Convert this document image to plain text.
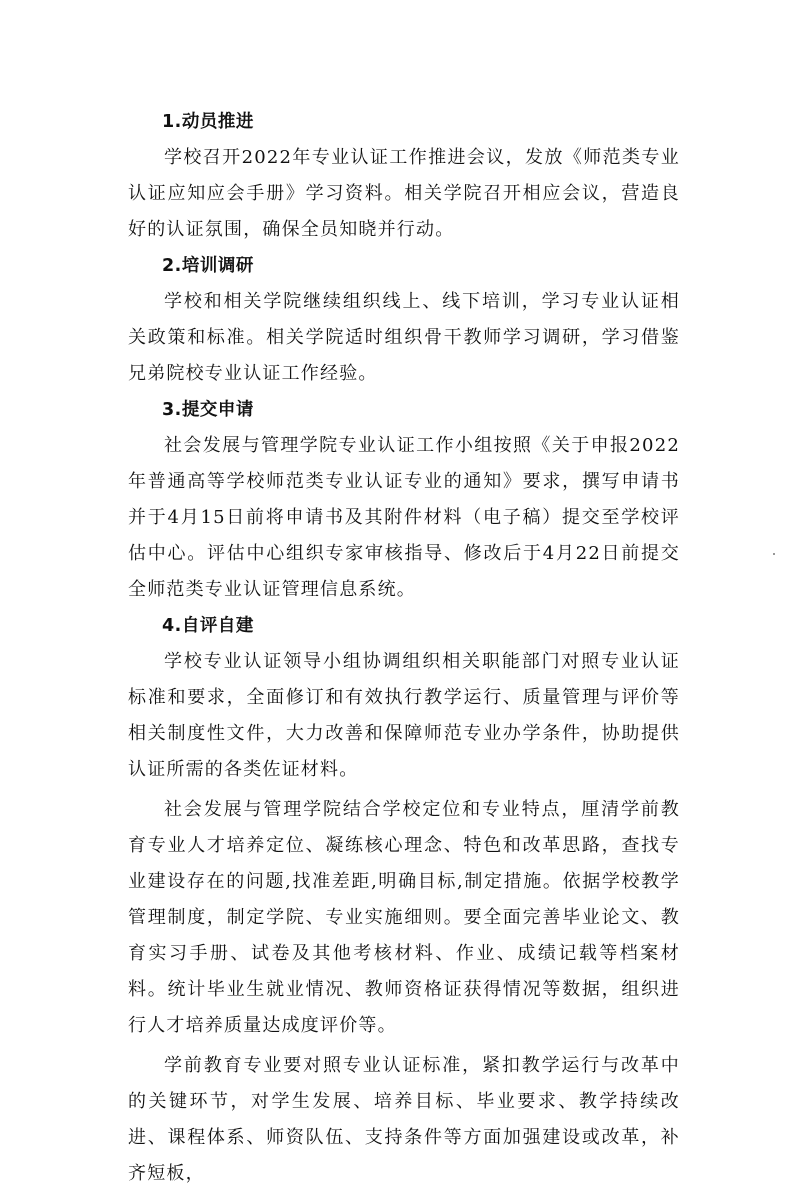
1.动员推进

学校召开2022年专业认证工作推进会议，发放《师范类专业认证应知应会手册》学习资料。相关学院召开相应会议，营造良好的认证氛围，确保全员知晓并行动。

2.培训调研

学校和相关学院继续组织线上、线下培训，学习专业认证相关政策和标准。相关学院适时组织骨干教师学习调研，学习借鉴兄弟院校专业认证工作经验。

3.提交申请

社会发展与管理学院专业认证工作小组按照《关于申报2022年普通高等学校师范类专业认证专业的通知》要求，撰写申请书并于4月15日前将申请书及其附件材料（电子稿）提交至学校评估中心。评估中心组织专家审核指导、修改后于4月22日前提交全师范类专业认证管理信息系统。

4.自评自建

学校专业认证领导小组协调组织相关职能部门对照专业认证标准和要求，全面修订和有效执行教学运行、质量管理与评价等相关制度性文件，大力改善和保障师范专业办学条件，协助提供认证所需的各类佐证材料。

社会发展与管理学院结合学校定位和专业特点，厘清学前教育专业人才培养定位、凝练核心理念、特色和改革思路，查找专业建设存在的问题,找准差距,明确目标,制定措施。依据学校教学管理制度，制定学院、专业实施细则。要全面完善毕业论文、教育实习手册、试卷及其他考核材料、作业、成绩记载等档案材料。统计毕业生就业情况、教师资格证获得情况等数据，组织进行人才培养质量达成度评价等。

学前教育专业要对照专业认证标准，紧扣教学运行与改革中的关键环节，对学生发展、培养目标、毕业要求、教学持续改进、课程体系、师资队伍、支持条件等方面加强建设或改革，补齐短板，
